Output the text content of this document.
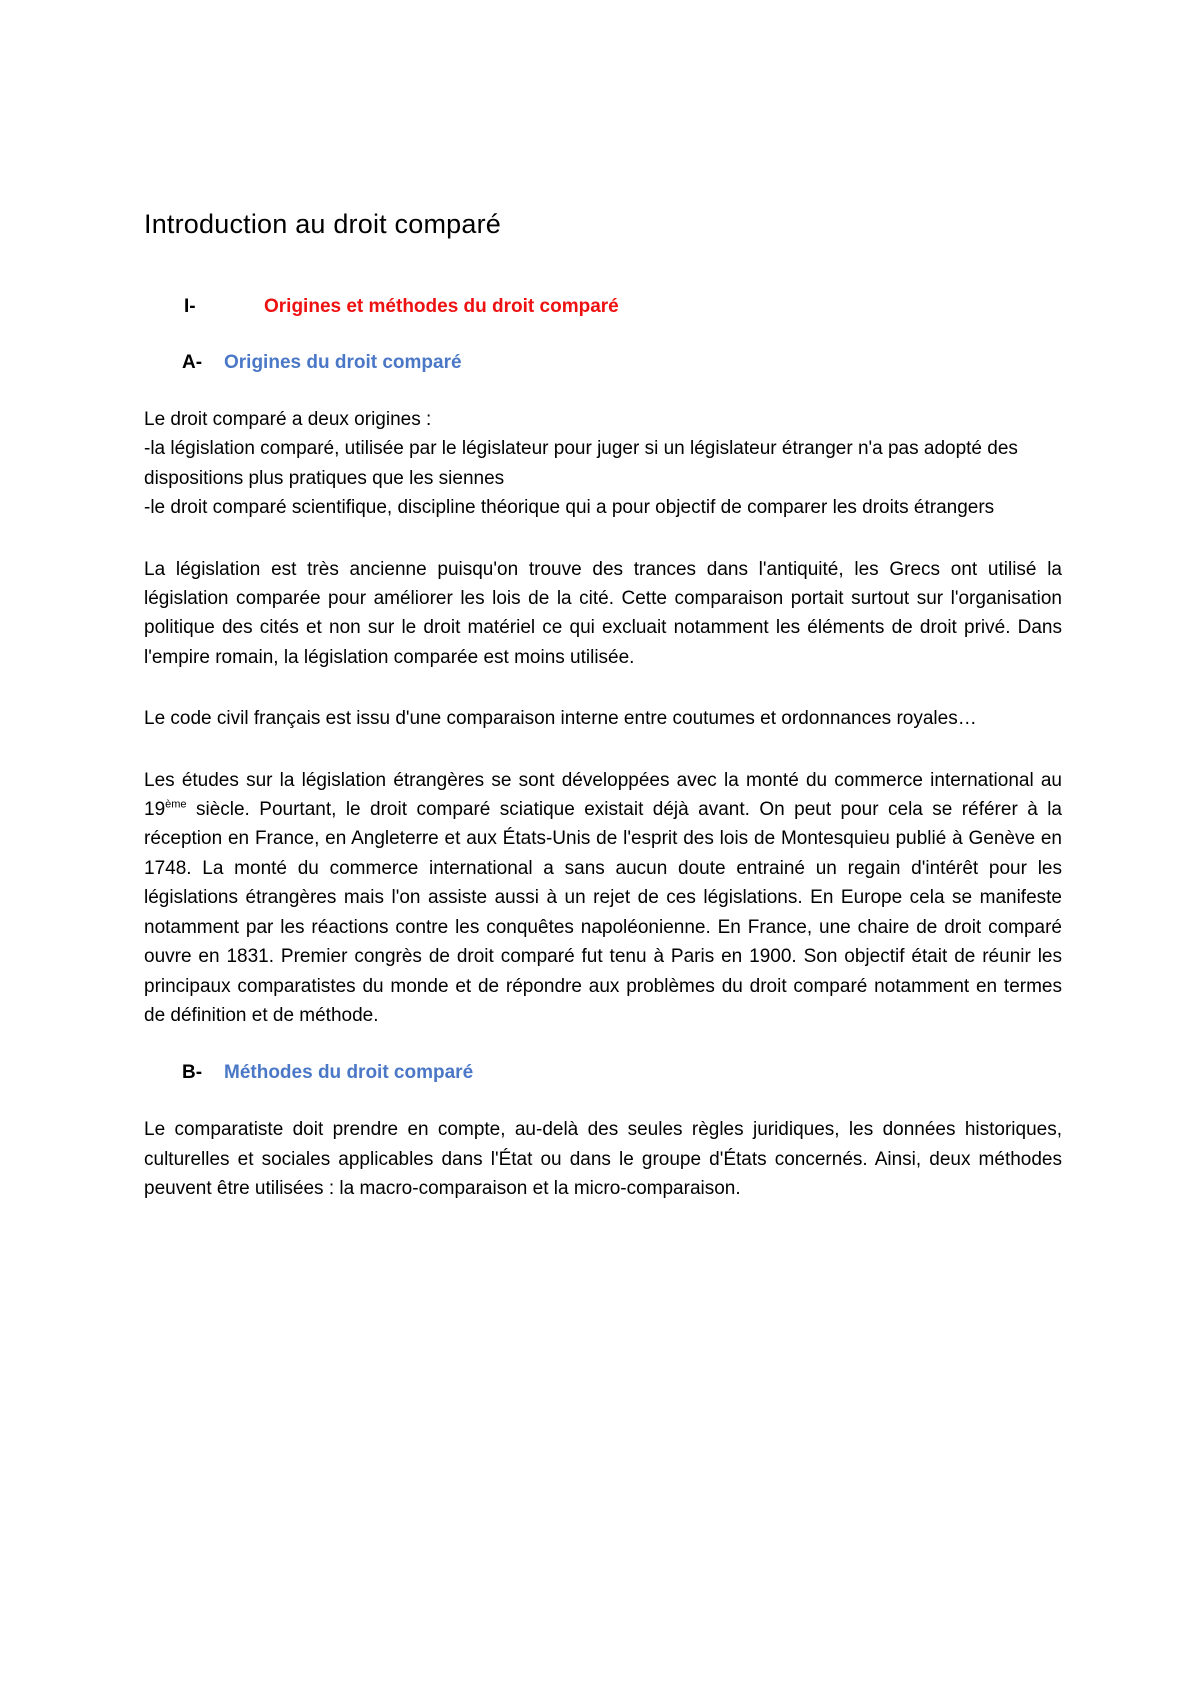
Introduction au droit comparé
I-	Origines et méthodes du droit comparé
A-	Origines du droit comparé

Le droit comparé a deux origines :

-la législation comparé, utilisée par le législateur pour juger si un législateur étranger n'a pas adopté des dispositions plus pratiques que les siennes

-le droit comparé scientifique, discipline théorique qui a pour objectif de comparer les droits étrangers

La législation est très ancienne puisqu'on trouve des trances dans l'antiquité, les Grecs ont utilisé la législation comparée pour améliorer les lois de la cité. Cette comparaison portait surtout sur l'organisation politique des cités et non sur le droit matériel ce qui excluait notamment les éléments de droit privé. Dans l'empire romain, la législation comparée est moins utilisée.

Le code civil français est issu d'une comparaison interne entre coutumes et ordonnances royales…

Les études sur la législation étrangères se sont développées avec la monté du commerce international au 19ème siècle. Pourtant, le droit comparé sciatique existait déjà avant. On peut pour cela se référer à la réception en France, en Angleterre et aux États-Unis de l'esprit des lois de Montesquieu publié à Genève en 1748. La monté du commerce international a sans aucun doute entrainé un regain d'intérêt pour les législations étrangères mais l'on assiste aussi à un rejet de ces législations. En Europe cela se manifeste notamment par les réactions contre les conquêtes napoléonienne. En France, une chaire de droit comparé ouvre en 1831. Premier congrès de droit comparé fut tenu à Paris en 1900. Son objectif était de réunir les principaux comparatistes du monde et de répondre aux problèmes du droit comparé notamment en termes de définition et de méthode.

B-	Méthodes du droit comparé

Le comparatiste doit prendre en compte, au-delà des seules règles juridiques, les données historiques, culturelles et sociales applicables dans l'État ou dans le groupe d'États concernés. Ainsi, deux méthodes peuvent être utilisées : la macro-comparaison et la micro-comparaison.
